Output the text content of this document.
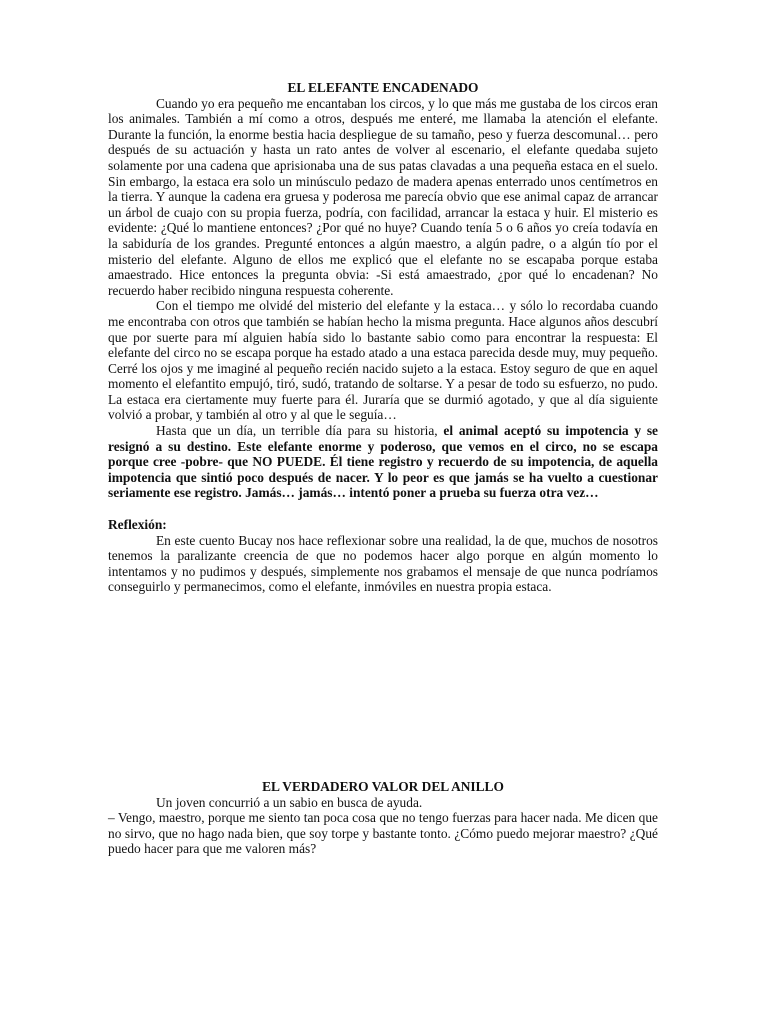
EL ELEFANTE ENCADENADO

Cuando yo era pequeño me encantaban los circos, y lo que más me gustaba de los circos eran los animales. También a mí como a otros, después me enteré, me llamaba la atención el elefante. Durante la función, la enorme bestia hacia despliegue de su tamaño, peso y fuerza descomunal… pero después de su actuación y hasta un rato antes de volver al escenario, el elefante quedaba sujeto solamente por una cadena que aprisionaba una de sus patas clavadas a una pequeña estaca en el suelo. Sin embargo, la estaca era solo un minúsculo pedazo de madera apenas enterrado unos centímetros en la tierra. Y aunque la cadena era gruesa y poderosa me parecía obvio que ese animal capaz de arrancar un árbol de cuajo con su propia fuerza, podría, con facilidad, arrancar la estaca y huir. El misterio es evidente: ¿Qué lo mantiene entonces? ¿Por qué no huye? Cuando tenía 5 o 6 años yo creía todavía en la sabiduría de los grandes. Pregunté entonces a algún maestro, a algún padre, o a algún tío por el misterio del elefante. Alguno de ellos me explicó que el elefante no se escapaba porque estaba amaestrado. Hice entonces la pregunta obvia: -Si está amaestrado, ¿por qué lo encadenan? No recuerdo haber recibido ninguna respuesta coherente.

Con el tiempo me olvidé del misterio del elefante y la estaca… y sólo lo recordaba cuando me encontraba con otros que también se habían hecho la misma pregunta. Hace algunos años descubrí que por suerte para mí alguien había sido lo bastante sabio como para encontrar la respuesta: El elefante del circo no se escapa porque ha estado atado a una estaca parecida desde muy, muy pequeño. Cerré los ojos y me imaginé al pequeño recién nacido sujeto a la estaca. Estoy seguro de que en aquel momento el elefantito empujó, tiró, sudó, tratando de soltarse. Y a pesar de todo su esfuerzo, no pudo. La estaca era ciertamente muy fuerte para él. Juraría que se durmió agotado, y que al día siguiente volvió a probar, y también al otro y al que le seguía…

Hasta que un día, un terrible día para su historia, el animal aceptó su impotencia y se resignó a su destino. Este elefante enorme y poderoso, que vemos en el circo, no se escapa porque cree -pobre- que NO PUEDE. Él tiene registro y recuerdo de su impotencia, de aquella impotencia que sintió poco después de nacer. Y lo peor es que jamás se ha vuelto a cuestionar seriamente ese registro. Jamás… jamás… intentó poner a prueba su fuerza otra vez…

Reflexión:

En este cuento Bucay nos hace reflexionar sobre una realidad, la de que, muchos de nosotros tenemos la paralizante creencia de que no podemos hacer algo porque en algún momento lo intentamos y no pudimos y después, simplemente nos grabamos el mensaje de que nunca podríamos conseguirlo y permanecimos, como el elefante, inmóviles en nuestra propia estaca.

EL VERDADERO VALOR DEL ANILLO

Un joven concurrió a un sabio en busca de ayuda.

– Vengo, maestro, porque me siento tan poca cosa que no tengo fuerzas para hacer nada. Me dicen que no sirvo, que no hago nada bien, que soy torpe y bastante tonto. ¿Cómo puedo mejorar maestro? ¿Qué puedo hacer para que me valoren más?
